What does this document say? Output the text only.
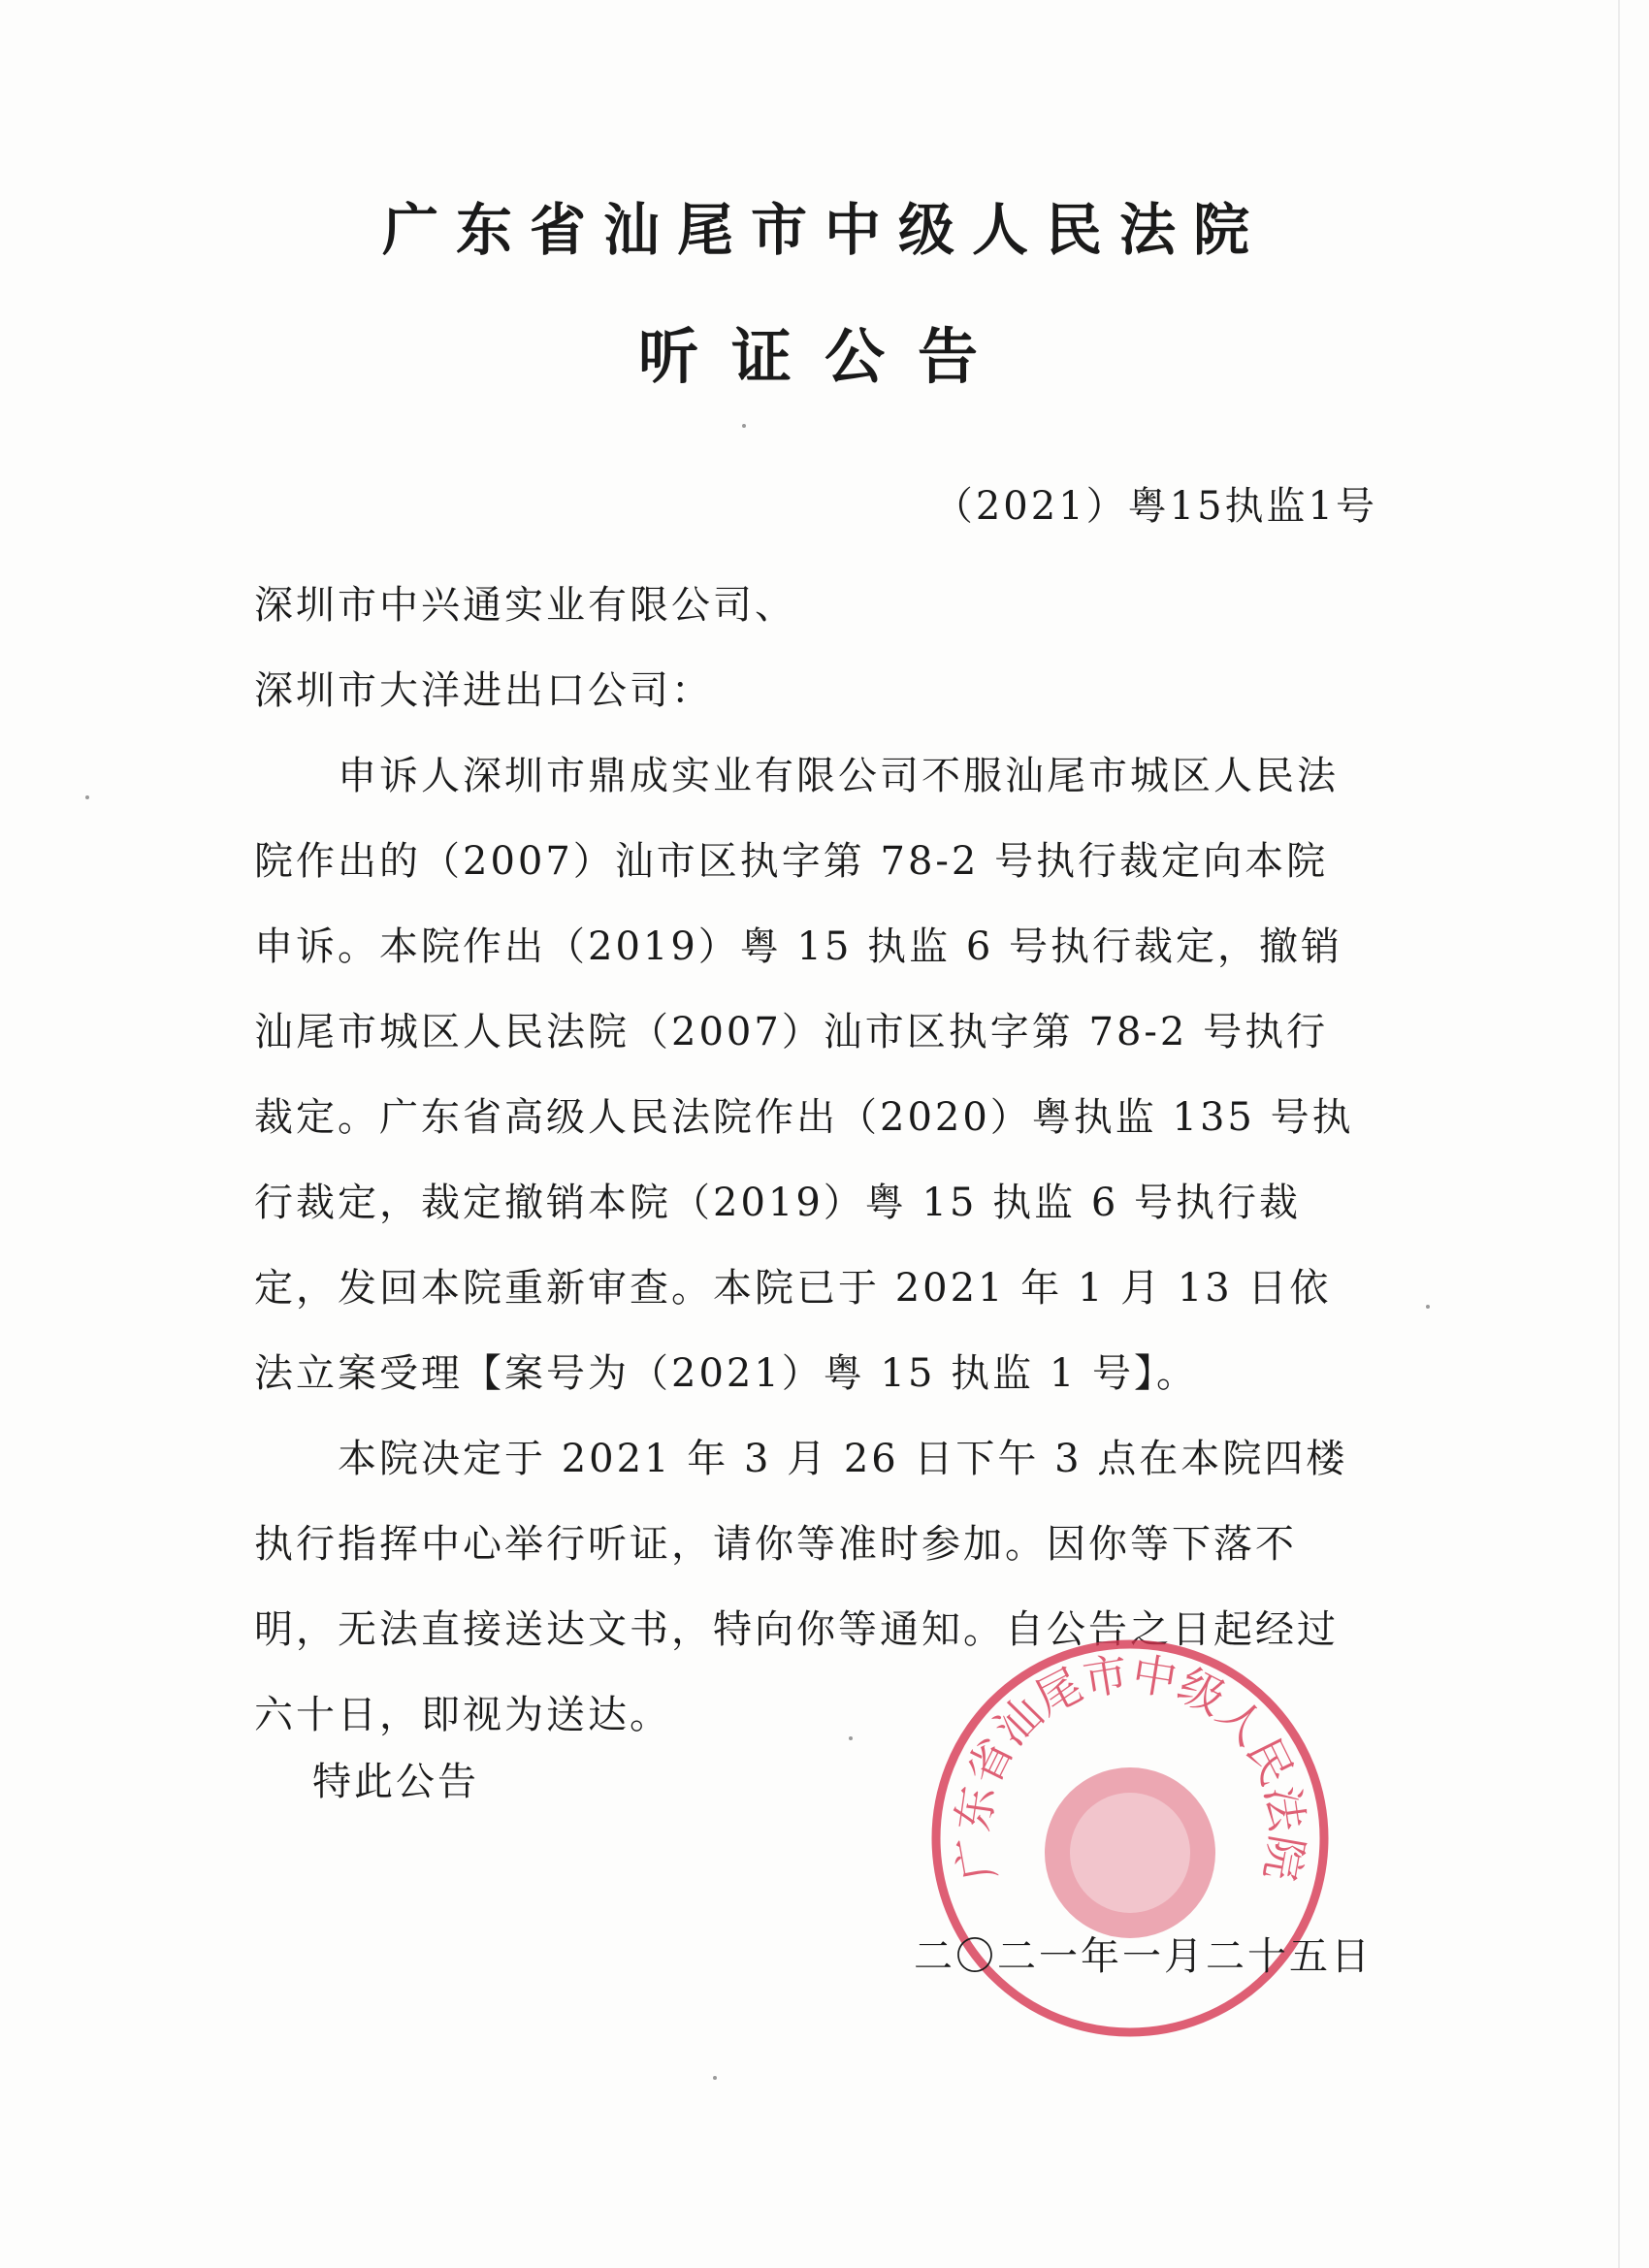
广东省汕尾市中级人民法院
听证公告
（2021）粤15执监1号

深圳市中兴通实业有限公司、

深圳市大洋进出口公司：

申诉人深圳市鼎成实业有限公司不服汕尾市城区人民法院作出的（2007）汕市区执字第 78-2 号执行裁定向本院申诉。本院作出（2019）粤 15 执监 6 号执行裁定，撤销汕尾市城区人民法院（2007）汕市区执字第 78-2 号执行裁定。广东省高级人民法院作出（2020）粤执监 135 号执行裁定，裁定撤销本院（2019）粤 15 执监 6 号执行裁定，发回本院重新审查。本院已于 2021 年 1 月 13 日依法立案受理【案号为（2021）粤 15 执监 1 号】。

本院决定于 2021 年 3 月 26 日下午 3 点在本院四楼执行指挥中心举行听证，请你等准时参加。因你等下落不明，无法直接送达文书，特向你等通知。自公告之日起经过六十日，即视为送达。

特此公告
广东省汕尾市中级人民法院
二〇二一年一月二十五日
